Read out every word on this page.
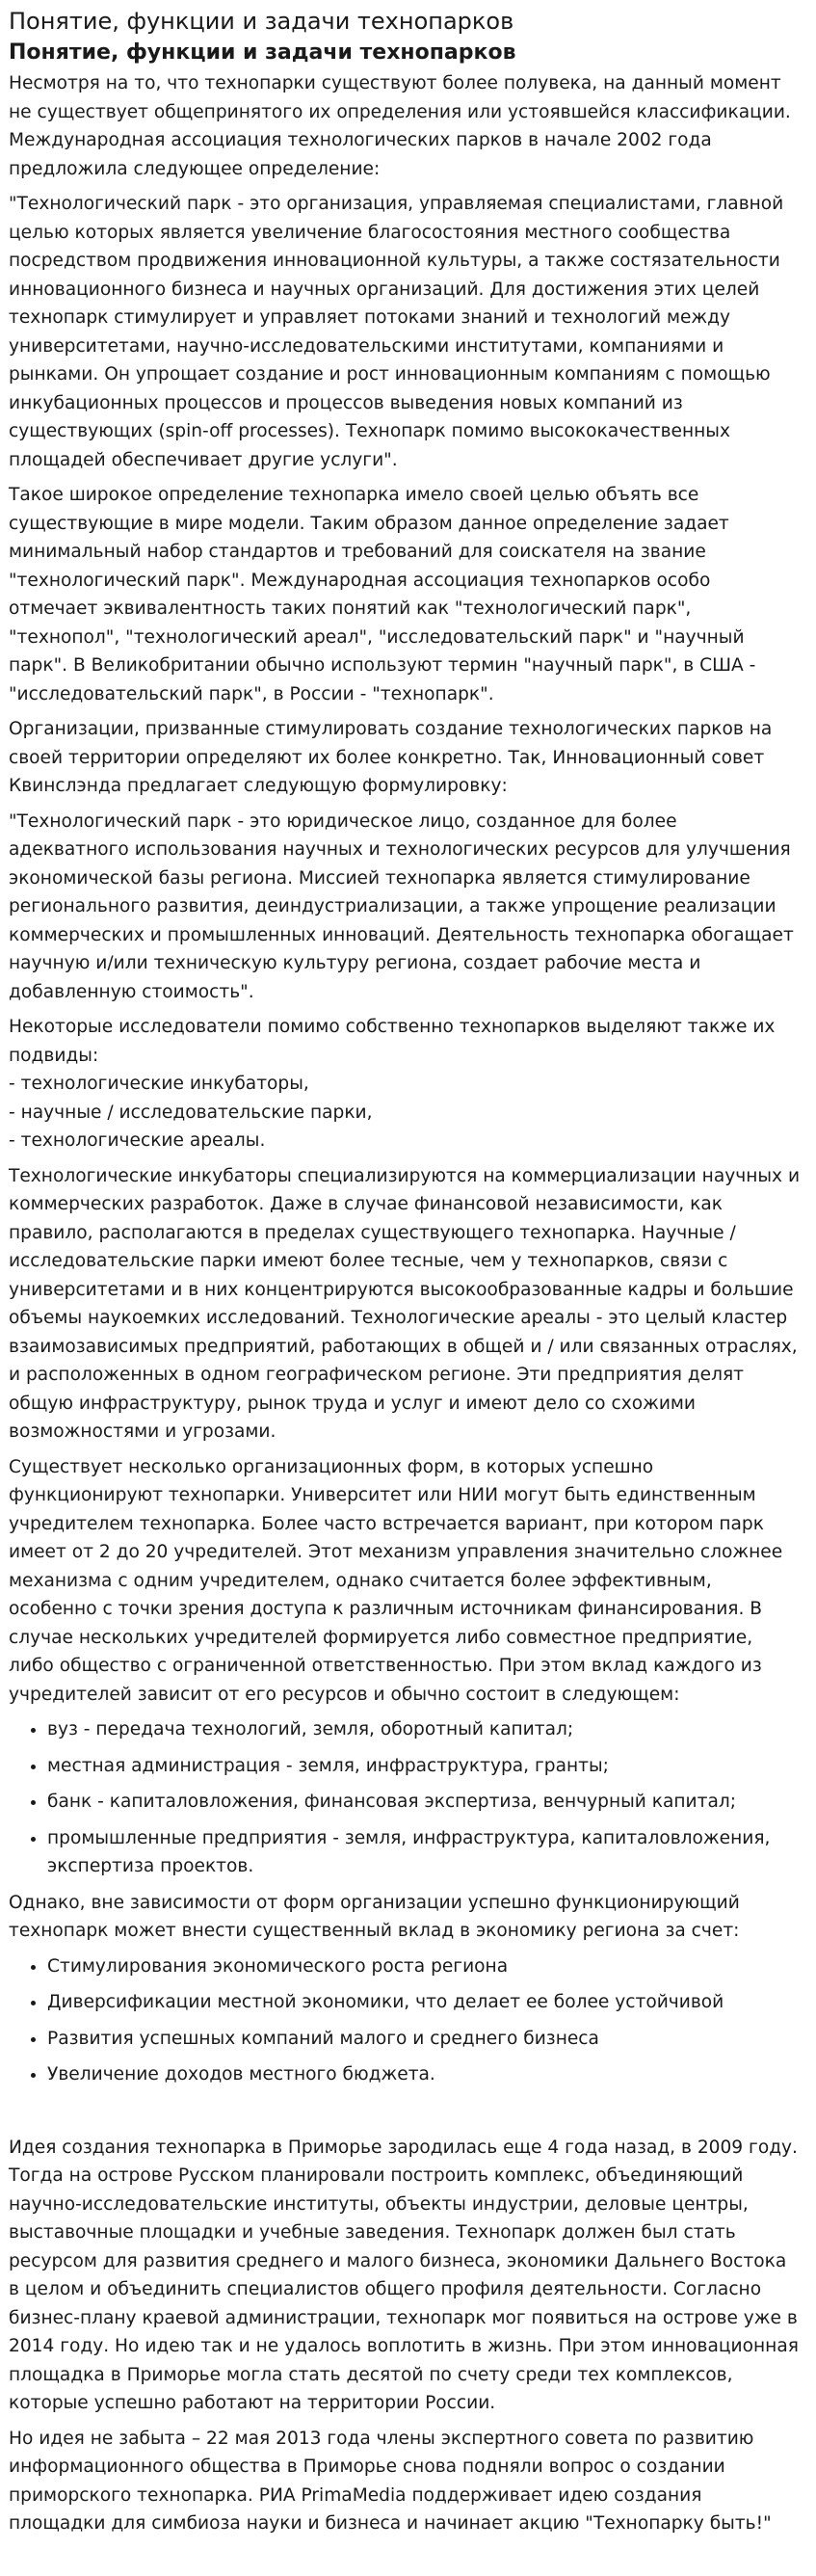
Понятие, функции и задачи технопарков
Понятие, функции и задачи технопарков

Несмотря на то, что технопарки существуют более полувека, на данный момент не существует общепринятого их определения или устоявшейся классификации. Международная ассоциация технологических парков в начале 2002 года предложила следующее определение:

"Технологический парк - это организация, управляемая специалистами, главной целью которых является увеличение благосостояния местного сообщества посредством продвижения инновационной культуры, а также состязательности инновационного бизнеса и научных организаций. Для достижения этих целей технопарк стимулирует и управляет потоками знаний и технологий между университетами, научно-исследовательскими институтами, компаниями и рынками. Он упрощает создание и рост инновационным компаниям с помощью инкубационных процессов и процессов выведения новых компаний из существующих (spin-off processes). Технопарк помимо высококачественных площадей обеспечивает другие услуги".

Такое широкое определение технопарка имело своей целью объять все существующие в мире модели. Таким образом данное определение задает минимальный набор стандартов и требований для соискателя на звание "технологический парк". Международная ассоциация технопарков особо отмечает эквивалентность таких понятий как "технологический парк", "технопол", "технологический ареал", "исследовательский парк" и "научный парк". В Великобритании обычно используют термин "научный парк", в США - "исследовательский парк", в России - "технопарк".

Организации, призванные стимулировать создание технологических парков на своей территории определяют их более конкретно. Так, Инновационный совет Квинслэнда предлагает следующую формулировку:

"Технологический парк - это юридическое лицо, созданное для более адекватного использования научных и технологических ресурсов для улучшения экономической базы региона. Миссией технопарка является стимулирование регионального развития, деиндустриализации, а также упрощение реализации коммерческих и промышленных инноваций. Деятельность технопарка обогащает научную и/или техническую культуру региона, создает рабочие места и добавленную стоимость".

Некоторые исследователи помимо собственно технопарков выделяют также их подвиды:
- технологические инкубаторы,
- научные / исследовательские парки,
- технологические ареалы.

Технологические инкубаторы специализируются на коммерциализации научных и коммерческих разработок. Даже в случае финансовой независимости, как правило, располагаются в пределах существующего технопарка. Научные / исследовательские парки имеют более тесные, чем у технопарков, связи с университетами и в них концентрируются высокообразованные кадры и большие объемы наукоемких исследований. Технологические ареалы - это целый кластер взаимозависимых предприятий, работающих в общей и / или связанных отраслях, и расположенных в одном географическом регионе. Эти предприятия делят общую инфраструктуру, рынок труда и услуг и имеют дело со схожими возможностями и угрозами.

Существует несколько организационных форм, в которых успешно функционируют технопарки. Университет или НИИ могут быть единственным учредителем технопарка. Более часто встречается вариант, при котором парк имеет от 2 до 20 учредителей. Этот механизм управления значительно сложнее механизма с одним учредителем, однако считается более эффективным, особенно с точки зрения доступа к различным источникам финансирования. В случае нескольких учредителей формируется либо совместное предприятие, либо общество с ограниченной ответственностью. При этом вклад каждого из учредителей зависит от его ресурсов и обычно состоит в следующем:

• вуз - передача технологий, земля, оборотный капитал;
• местная администрация - земля, инфраструктура, гранты;
• банк - капиталовложения, финансовая экспертиза, венчурный капитал;
• промышленные предприятия - земля, инфраструктура, капиталовложения, экспертиза проектов.

Однако, вне зависимости от форм организации успешно функционирующий технопарк может внести существенный вклад в экономику региона за счет:

• Стимулирования экономического роста региона
• Диверсификации местной экономики, что делает ее более устойчивой
• Развития успешных компаний малого и среднего бизнеса
• Увеличение доходов местного бюджета.

Идея создания технопарка в Приморье зародилась еще 4 года назад, в 2009 году. Тогда на острове Русском планировали построить комплекс, объединяющий научно-исследовательские институты, объекты индустрии, деловые центры, выставочные площадки и учебные заведения. Технопарк должен был стать ресурсом для развития среднего и малого бизнеса, экономики Дальнего Востока в целом и объединить специалистов общего профиля деятельности. Согласно бизнес-плану краевой администрации, технопарк мог появиться на острове уже в 2014 году. Но идею так и не удалось воплотить в жизнь. При этом инновационная площадка в Приморье могла стать десятой по счету среди тех комплексов, которые успешно работают на территории России.

Но идея не забыта – 22 мая 2013 года члены экспертного совета по развитию информационного общества в Приморье снова подняли вопрос о создании приморского технопарка. РИА PrimaMedia поддерживает идею создания площадки для симбиоза науки и бизнеса и начинает акцию "Технопарку быть!"
